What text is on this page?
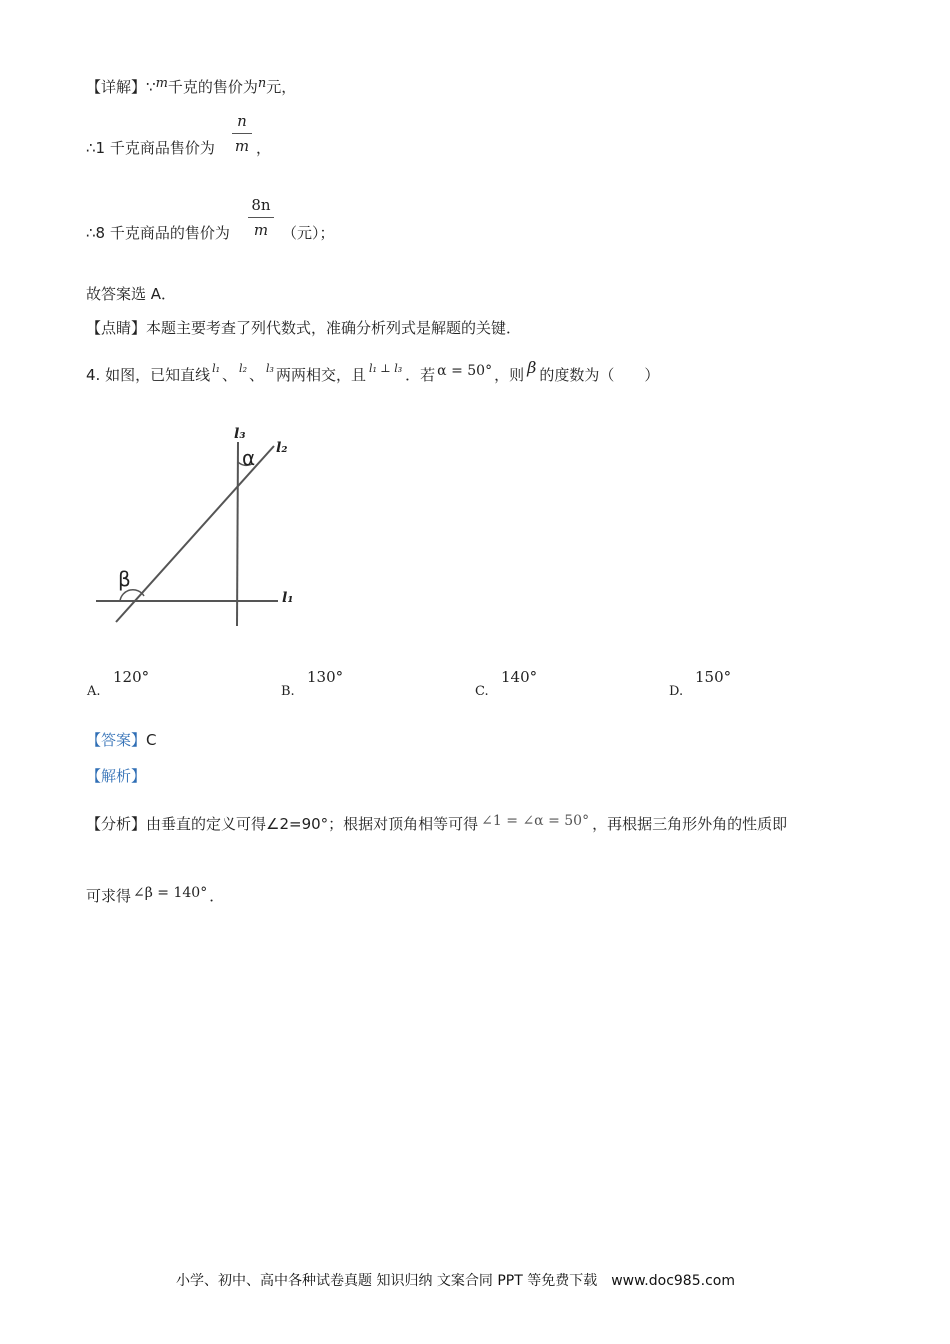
【详解】∵m千克的售价为n元，
∴1 千克商品售价为
n
m ，
∴8 千克商品的售价为
8n
m （元）；
故答案选 A．
【点睛】本题主要考查了列代数式，准确分析列式是解题的关键．
4. 如图，已知直线 $^{l_1}$ 、 $^{l_2}$ 、 $^{l_3}$ 两两相交，且 $^{l_1 \perp l_3}$ ．若 α = 50° ，则 β 的度数为（　　）
l₃
l₂
l₁
α
β
A.
120°
B.
130°
C.
140°
D.
150°
【答案】C
【解析】
【分析】由垂直的定义可得∠2=90°；根据对顶角相等可得 ∠1 = ∠α = 50° ，再根据三角形外角的性质即
可求得 ∠β = 140° ．
小学、初中、高中各种试卷真题 知识归纳 文案合同 PPT 等免费下载　www.doc985.com
